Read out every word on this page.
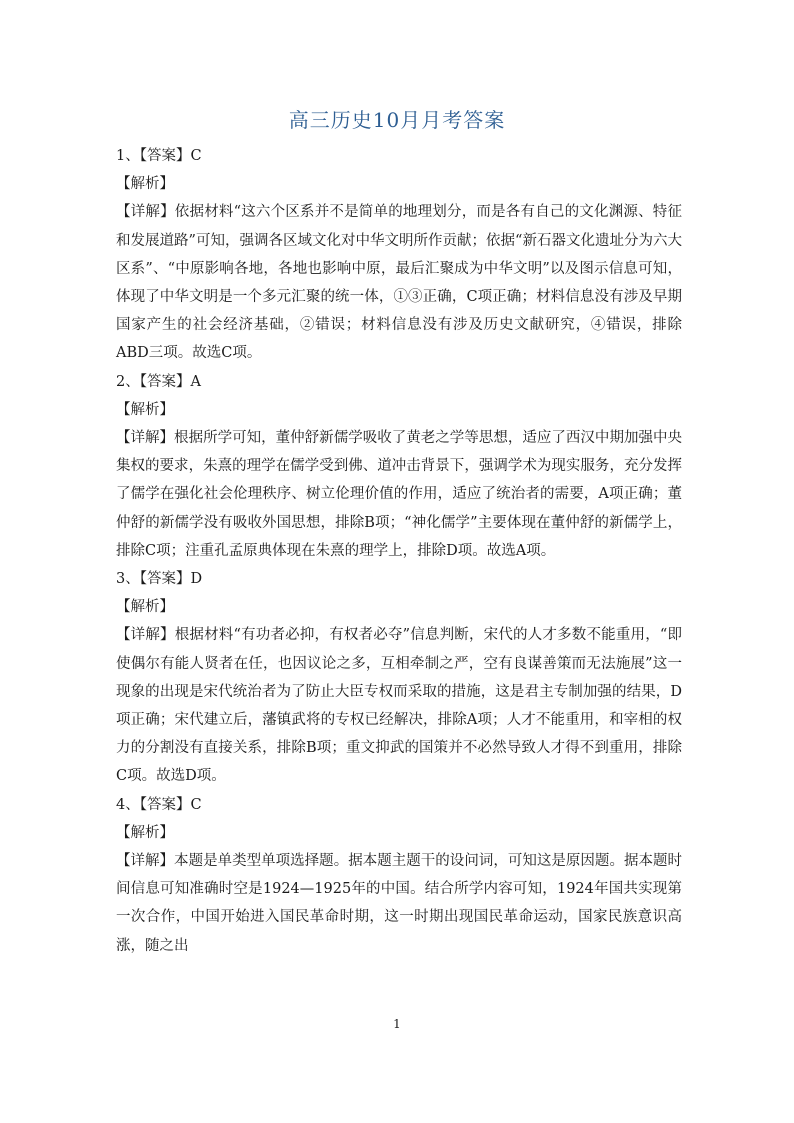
高三历史10月月考答案
1、【答案】C
【解析】
【详解】依据材料“这六个区系并不是简单的地理划分，而是各有自己的文化渊源、特征和发展道路”可知，强调各区域文化对中华文明所作贡献；依据“新石器文化遗址分为六大区系”、“中原影响各地，各地也影响中原，最后汇聚成为中华文明”以及图示信息可知，体现了中华文明是一个多元汇聚的统一体，①③正确，C项正确；材料信息没有涉及早期国家产生的社会经济基础，②错误；材料信息没有涉及历史文献研究，④错误，排除ABD三项。故选C项。
2、【答案】A
【解析】
【详解】根据所学可知，董仲舒新儒学吸收了黄老之学等思想，适应了西汉中期加强中央集权的要求，朱熹的理学在儒学受到佛、道冲击背景下，强调学术为现实服务，充分发挥了儒学在强化社会伦理秩序、树立伦理价值的作用，适应了统治者的需要，A项正确；董仲舒的新儒学没有吸收外国思想，排除B项；“神化儒学”主要体现在董仲舒的新儒学上，排除C项；注重孔孟原典体现在朱熹的理学上，排除D项。故选A项。
3、【答案】D
【解析】
【详解】根据材料“有功者必抑，有权者必夺”信息判断，宋代的人才多数不能重用，“即使偶尔有能人贤者在任，也因议论之多，互相牵制之严，空有良谋善策而无法施展”这一现象的出现是宋代统治者为了防止大臣专权而采取的措施，这是君主专制加强的结果，D项正确；宋代建立后，藩镇武将的专权已经解决，排除A项；人才不能重用，和宰相的权力的分割没有直接关系，排除B项；重文抑武的国策并不必然导致人才得不到重用，排除C项。故选D项。
4、【答案】C
【解析】
【详解】本题是单类型单项选择题。据本题主题干的设问词，可知这是原因题。据本题时间信息可知准确时空是1924—1925年的中国。结合所学内容可知，1924年国共实现第一次合作，中国开始进入国民革命时期，这一时期出现国民革命运动，国家民族意识高涨，随之出
1
